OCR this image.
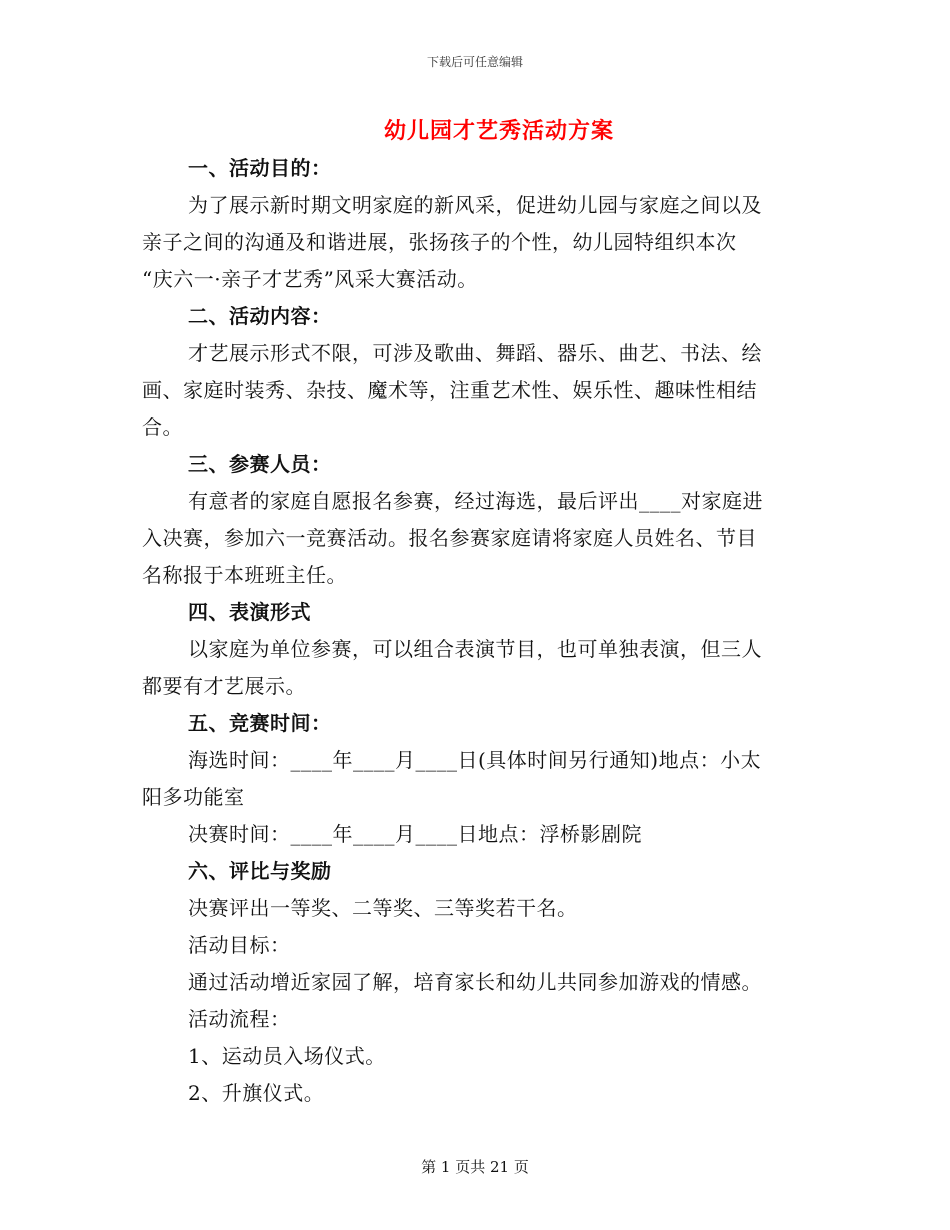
下载后可任意编辑
幼儿园才艺秀活动方案
一、活动目的：
为了展示新时期文明家庭的新风采，促进幼儿园与家庭之间以及
亲子之间的沟通及和谐进展，张扬孩子的个性，幼儿园特组织本次
“庆六一·亲子才艺秀”风采大赛活动。
二、活动内容：
才艺展示形式不限，可涉及歌曲、舞蹈、器乐、曲艺、书法、绘
画、家庭时装秀、杂技、魔术等，注重艺术性、娱乐性、趣味性相结
合。
三、参赛人员：
有意者的家庭自愿报名参赛，经过海选，最后评出____对家庭进
入决赛，参加六一竞赛活动。报名参赛家庭请将家庭人员姓名、节目
名称报于本班班主任。
四、表演形式
以家庭为单位参赛，可以组合表演节目，也可单独表演，但三人
都要有才艺展示。
五、竞赛时间：
海选时间：____年____月____日(具体时间另行通知)地点：小太
阳多功能室
决赛时间：____年____月____日地点：浮桥影剧院
六、评比与奖励
决赛评出一等奖、二等奖、三等奖若干名。
活动目标：
通过活动增近家园了解，培育家长和幼儿共同参加游戏的情感。
活动流程：
1、运动员入场仪式。
2、升旗仪式。
第 1 页共 21 页
